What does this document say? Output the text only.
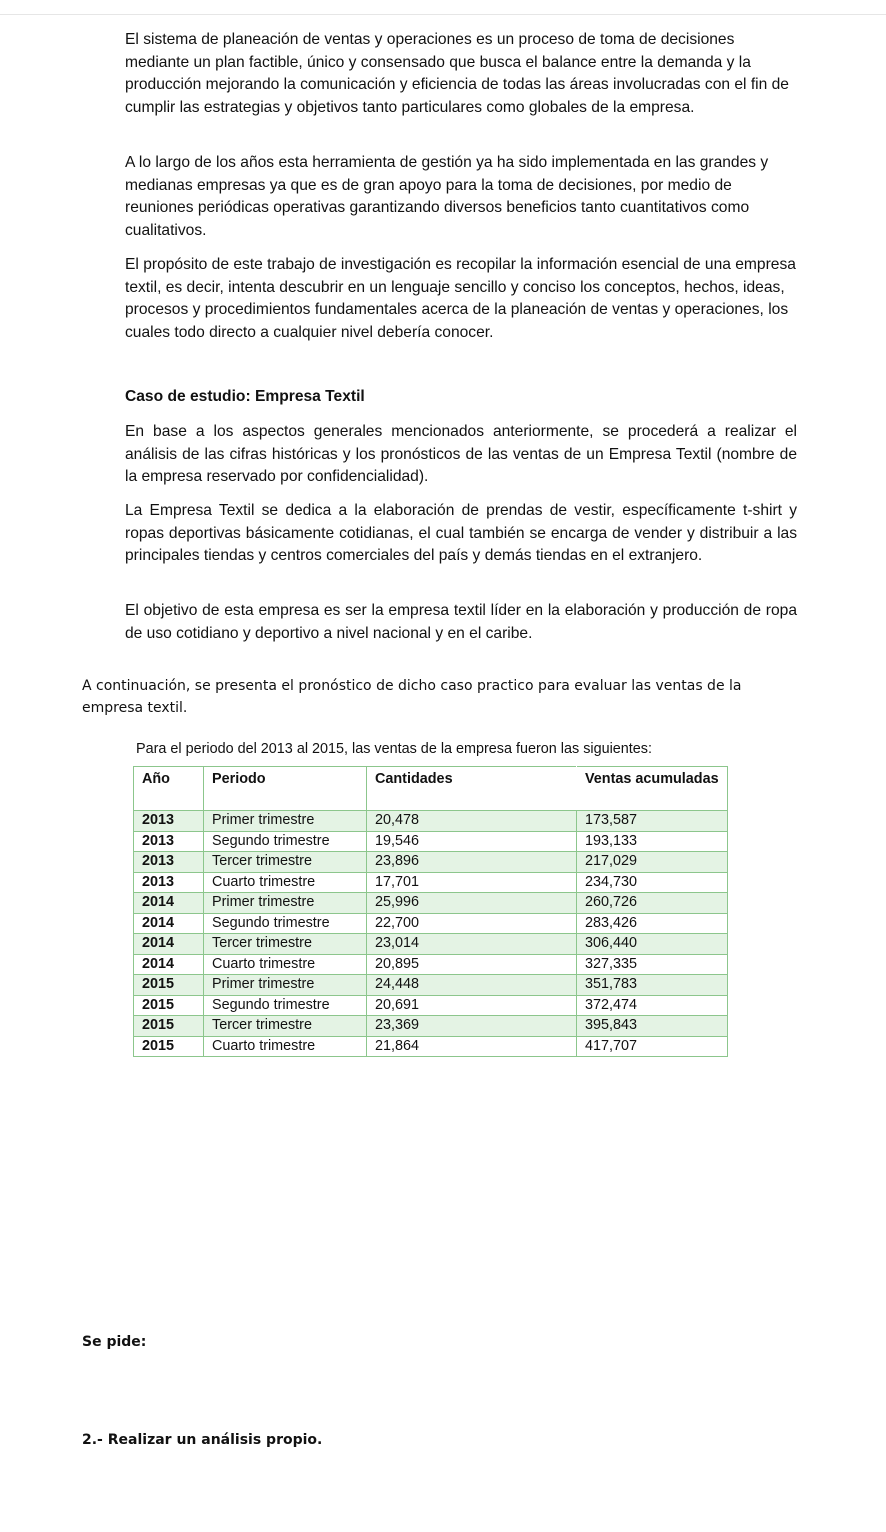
El sistema de planeación de ventas y operaciones es un proceso de toma de decisiones mediante un plan factible, único y consensado que busca el balance entre la demanda y la producción mejorando la comunicación y eficiencia de todas las áreas involucradas con el fin de cumplir las estrategias y objetivos tanto particulares como globales de la empresa.

A lo largo de los años esta herramienta de gestión ya ha sido implementada en las grandes y medianas empresas ya que es de gran apoyo para la toma de decisiones, por medio de reuniones periódicas operativas garantizando diversos beneficios tanto cuantitativos como cualitativos.

El propósito de este trabajo de investigación es recopilar la información esencial de una empresa textil, es decir, intenta descubrir en un lenguaje sencillo y conciso los conceptos, hechos, ideas, procesos y procedimientos fundamentales acerca de la planeación de ventas y operaciones, los cuales todo directo a cualquier nivel debería conocer.

Caso de estudio: Empresa Textil

En base a los aspectos generales mencionados anteriormente, se procederá a realizar el análisis de las cifras históricas y los pronósticos de las ventas de un Empresa Textil (nombre de la empresa reservado por confidencialidad).

La Empresa Textil se dedica a la elaboración de prendas de vestir, específicamente t-shirt y ropas deportivas básicamente cotidianas, el cual también se encarga de vender y distribuir a las principales tiendas y centros comerciales del país y demás tiendas en el extranjero.

El objetivo de esta empresa es ser la empresa textil líder en la elaboración y producción de ropa de uso cotidiano y deportivo a nivel nacional y en el caribe.

A continuación, se presenta el pronóstico de dicho caso practico para evaluar las ventas de la empresa textil.

Para el periodo del 2013 al 2015, las ventas de la empresa fueron las siguientes:

Año	Periodo	Cantidades	Ventas acumuladas
2013	Primer trimestre	20,478	173,587
2013	Segundo trimestre	19,546	193,133
2013	Tercer trimestre	23,896	217,029
2013	Cuarto trimestre	17,701	234,730
2014	Primer trimestre	25,996	260,726
2014	Segundo trimestre	22,700	283,426
2014	Tercer trimestre	23,014	306,440
2014	Cuarto trimestre	20,895	327,335
2015	Primer trimestre	24,448	351,783
2015	Segundo trimestre	20,691	372,474
2015	Tercer trimestre	23,369	395,843
2015	Cuarto trimestre	21,864	417,707

Se pide:

2.- Realizar un análisis propio.
